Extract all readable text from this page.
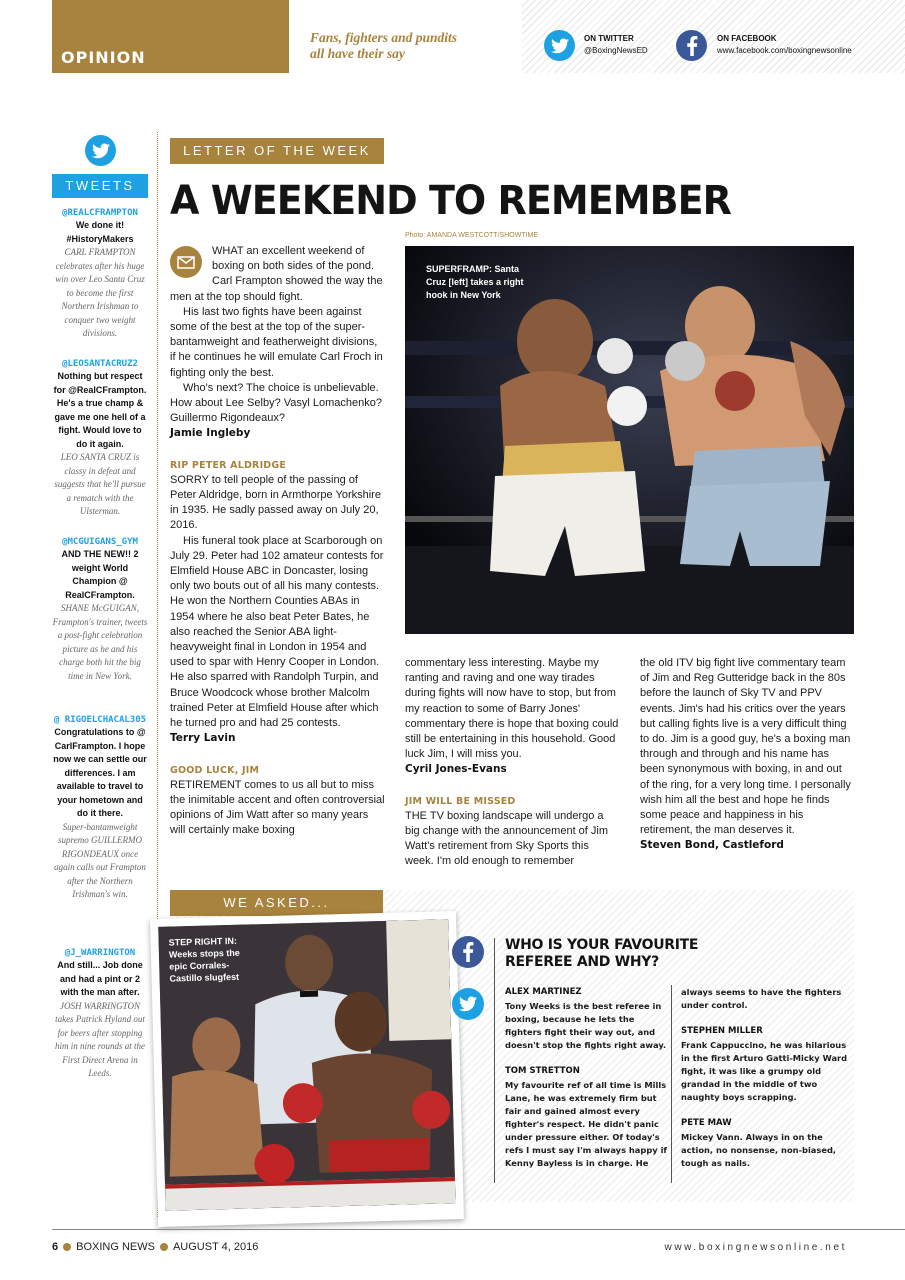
OPINION
Fans, fighters and pundits all have their say
ON TWITTER
@BoxingNewsED
ON FACEBOOK
www.facebook.com/boxingnewsonline
TWEETS
@REALCFRAMPTON
We done it! #HistoryMakers
CARL FRAMPTON celebrates after his huge win over Leo Santa Cruz to become the first Northern Irishman to conquer two weight divisions.
@LEOSANTACRUZ2
Nothing but respect for @RealCFrampton. He's a true champ & gave me one hell of a fight. Would love to do it again.
LEO SANTA CRUZ is classy in defeat and suggests that he'll pursue a rematch with the Ulsterman.
@MCGUIGANS_GYM
AND THE NEW!! 2 weight World Champion @ RealCFrampton.
SHANE McGUIGAN, Frampton's trainer, tweets a post-fight celebration picture as he and his charge both hit the big time in New York.
@ RIGOELCHACAL305
Congratulations to @ CarlFrampton. I hope now we can settle our differences. I am available to travel to your hometown and do it there.
Super-bantamweight supremo GUILLERMO RIGONDEAUX once again calls out Frampton after the Northern Irishman's win.
@J_WARRINGTON
And still... Job done and had a pint or 2 with the man after.
JOSH WARRINGTON takes Patrick Hyland out for beers after stopping him in nine rounds at the First Direct Arena in Leeds.
LETTER OF THE WEEK
A WEEKEND TO REMEMBER
Photo: AMANDA WESTCOTT/SHOWTIME
SUPERFRAMP: Santa Cruz [left] takes a right hook in New York

WHAT an excellent weekend of boxing on both sides of the pond. Carl Frampton showed the way the men at the top should fight.

His last two fights have been against some of the best at the top of the super-bantamweight and featherweight divisions, if he continues he will emulate Carl Froch in fighting only the best.

Who's next? The choice is unbelievable. How about Lee Selby? Vasyl Lomachenko? Guillermo Rigondeaux?

Jamie Ingleby

RIP PETER ALDRIDGE

SORRY to tell people of the passing of Peter Aldridge, born in Armthorpe Yorkshire in 1935. He sadly passed away on July 20, 2016.

His funeral took place at Scarborough on July 29. Peter had 102 amateur contests for Elmfield House ABC in Doncaster, losing only two bouts out of all his many contests. He won the Northern Counties ABAs in 1954 where he also beat Peter Bates, he also reached the Senior ABA light-heavyweight final in London in 1954 and used to spar with Henry Cooper in London. He also sparred with Randolph Turpin, and Bruce Woodcock whose brother Malcolm trained Peter at Elmfield House after which he turned pro and had 25 contests.

Terry Lavin

GOOD LUCK, JIM

RETIREMENT comes to us all but to miss the inimitable accent and often controversial opinions of Jim Watt after so many years will certainly make boxing

commentary less interesting. Maybe my ranting and raving and one way tirades during fights will now have to stop, but from my reaction to some of Barry Jones' commentary there is hope that boxing could still be entertaining in this household. Good luck Jim, I will miss you.

Cyril Jones-Evans

JIM WILL BE MISSED

THE TV boxing landscape will undergo a big change with the announcement of Jim Watt's retirement from Sky Sports this week. I'm old enough to remember

the old ITV big fight live commentary team of Jim and Reg Gutteridge back in the 80s before the launch of Sky TV and PPV events. Jim's had his critics over the years but calling fights live is a very difficult thing to do. Jim is a good guy, he's a boxing man through and through and his name has been synonymous with boxing, in and out of the ring, for a very long time. I personally wish him all the best and hope he finds some peace and happiness in his retirement, the man deserves it.

Steven Bond, Castleford

WE ASKED...
STEP RIGHT IN: Weeks stops the epic Corrales-Castillo slugfest
WHO IS YOUR FAVOURITE REFEREE AND WHY?

ALEX MARTINEZ
Tony Weeks is the best referee in boxing, because he lets the fighters fight their way out, and doesn't stop the fights right away.

TOM STRETTON
My favourite ref of all time is Mills Lane, he was extremely firm but fair and gained almost every fighter's respect. He didn't panic under pressure either. Of today's refs I must say I'm always happy if Kenny Bayless is in charge. He

always seems to have the fighters under control.

STEPHEN MILLER
Frank Cappuccino, he was hilarious in the first Arturo Gatti-Micky Ward fight, it was like a grumpy old grandad in the middle of two naughty boys scrapping.

PETE MAW
Mickey Vann. Always in on the action, no nonsense, non-biased, tough as nails.

6 BOXING NEWS AUGUST 4, 2016	www.boxingnewsonline.net
